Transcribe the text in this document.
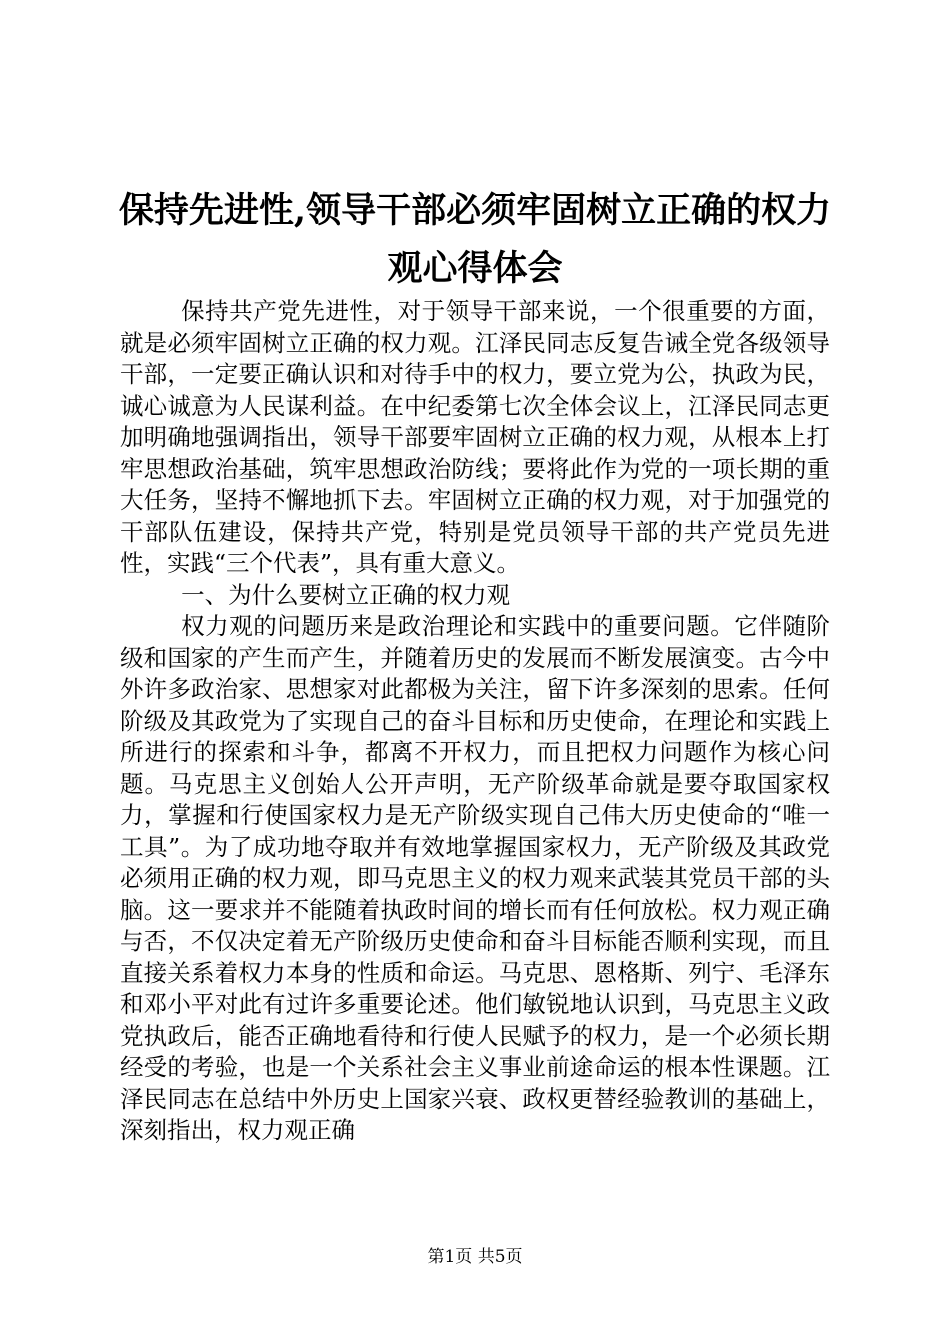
保持先进性,领导干部必须牢固树立正确的权力观心得体会

保持共产党先进性，对于领导干部来说，一个很重要的方面，就是必须牢固树立正确的权力观。江泽民同志反复告诫全党各级领导干部，一定要正确认识和对待手中的权力，要立党为公，执政为民，诚心诚意为人民谋利益。在中纪委第七次全体会议上，江泽民同志更加明确地强调指出，领导干部要牢固树立正确的权力观，从根本上打牢思想政治基础，筑牢思想政治防线；要将此作为党的一项长期的重大任务，坚持不懈地抓下去。牢固树立正确的权力观，对于加强党的干部队伍建设，保持共产党，特别是党员领导干部的共产党员先进性，实践“三个代表”，具有重大意义。

一、为什么要树立正确的权力观

权力观的问题历来是政治理论和实践中的重要问题。它伴随阶级和国家的产生而产生，并随着历史的发展而不断发展演变。古今中外许多政治家、思想家对此都极为关注，留下许多深刻的思索。任何阶级及其政党为了实现自己的奋斗目标和历史使命，在理论和实践上所进行的探索和斗争，都离不开权力，而且把权力问题作为核心问题。马克思主义创始人公开声明，无产阶级革命就是要夺取国家权力，掌握和行使国家权力是无产阶级实现自己伟大历史使命的“唯一工具”。为了成功地夺取并有效地掌握国家权力，无产阶级及其政党必须用正确的权力观，即马克思主义的权力观来武装其党员干部的头脑。这一要求并不能随着执政时间的增长而有任何放松。权力观正确与否，不仅决定着无产阶级历史使命和奋斗目标能否顺利实现，而且直接关系着权力本身的性质和命运。马克思、恩格斯、列宁、毛泽东和邓小平对此有过许多重要论述。他们敏锐地认识到，马克思主义政党执政后，能否正确地看待和行使人民赋予的权力，是一个必须长期经受的考验，也是一个关系社会主义事业前途命运的根本性课题。江泽民同志在总结中外历史上国家兴衰、政权更替经验教训的基础上，深刻指出，权力观正确

第1页 共5页
